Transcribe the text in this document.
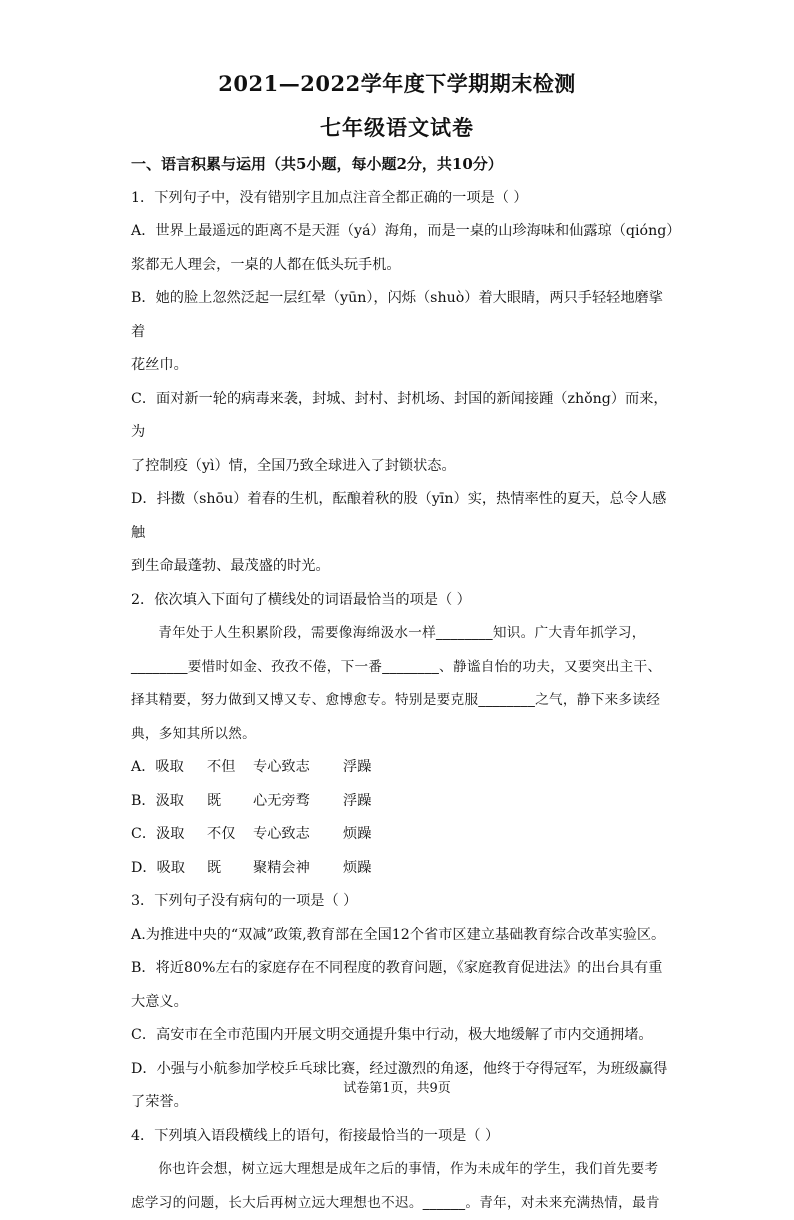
2021—2022学年度下学期期末检测
七年级语文试卷

一、语言积累与运用（共5小题，每小题2分，共10分）

1．下列句子中，没有错别字且加点注音全都正确的一项是（ ）

A．世界上最遥远的距离不是天涯（yá）海角，而是一桌的山珍海味和仙露琼（qióng）

浆都无人理会，一桌的人都在低头玩手机。

B．她的脸上忽然泛起一层红晕（yūn），闪烁（shuò）着大眼睛，两只手轻轻地磨挲着

花丝巾。

C．面对新一轮的病毒来袭，封城、封村、封机场、封国的新闻接踵（zhǒng）而来，为

了控制疫（yì）情，全国乃致全球进入了封锁状态。

D．抖擞（shōu）着春的生机，酝酿着秋的股（yīn）实，热情率性的夏天，总令人感触

到生命最蓬勃、最茂盛的时光。

2．依次填入下面句了横线处的词语最恰当的项是（ ）

青年处于人生积累阶段，需要像海绵汲水一样________知识。广大青年抓学习，

________要惜时如金、孜孜不倦，下一番________、静谧自怡的功夫，又要突出主干、

择其精要，努力做到又博又专、愈博愈专。特别是要克服________之气，静下来多读经

典，多知其所以然。

A．吸取 不但 专心致志 浮躁

B．汲取 既 心无旁骛 浮躁

C．汲取 不仅 专心致志 烦躁

D．吸取 既 聚精会神 烦躁

3．下列句子没有病句的一项是（ ）

A.为推进中央的“双减”政策,教育部在全国12个省市区建立基础教育综合改革实验区。

B．将近80%左右的家庭存在不同程度的教育问题，《家庭教育促进法》的出台具有重

大意义。

C．高安市在全市范围内开展文明交通提升集中行动，极大地缓解了市内交通拥堵。

D．小强与小航参加学校乒乓球比赛，经过激烈的角逐，他终于夺得冠军，为班级赢得

了荣誉。

4．下列填入语段横线上的语句，衔接最恰当的一项是（ ）

你也许会想，树立远大理想是成年之后的事情，作为未成年的学生，我们首先要考

虑学习的问题，长大后再树立远大理想也不迟。______。青年，对未来充满热情，最肯

试卷第1页，共9页
